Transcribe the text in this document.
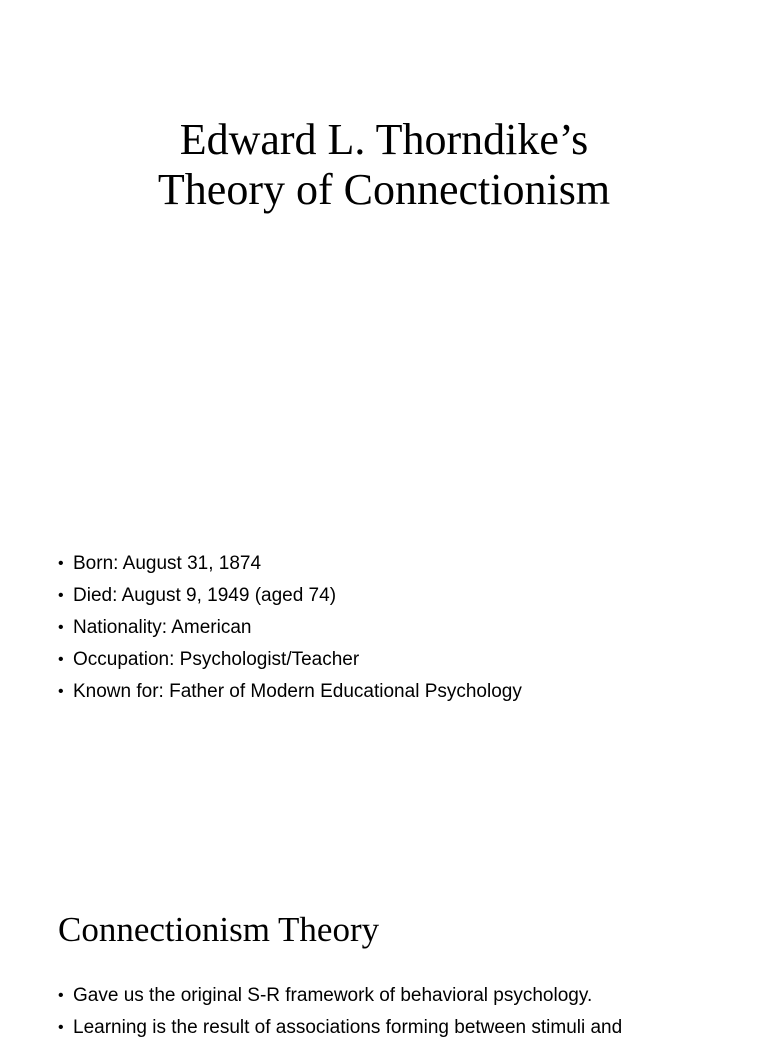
Edward L. Thorndike’s
Theory of Connectionism
• Born: August 31, 1874
• Died: August 9, 1949 (aged 74)
• Nationality: American
• Occupation: Psychologist/Teacher
• Known for: Father of Modern Educational Psychology
Connectionism Theory
• Gave us the original S-R framework of behavioral psychology.
• Learning is the result of associations forming between stimuli and
